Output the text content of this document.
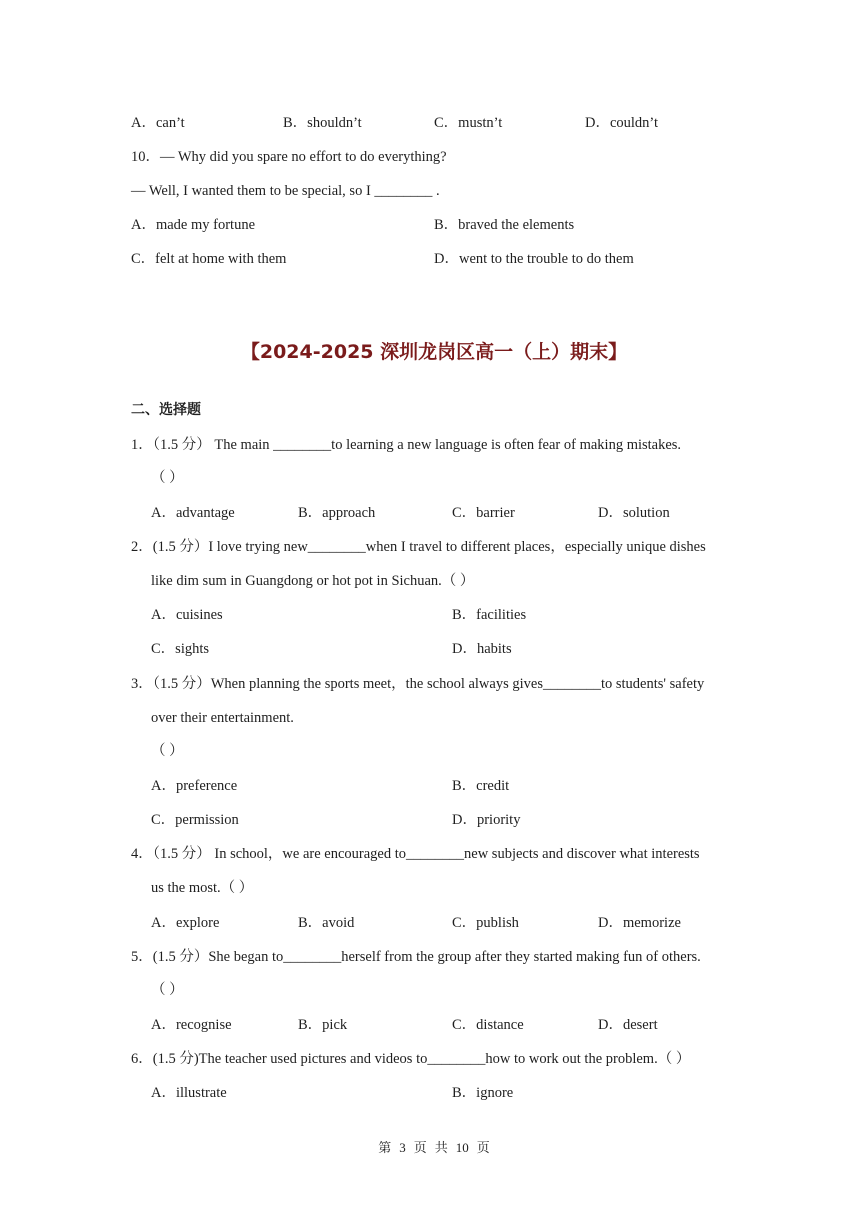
A．can’t	B．shouldn’t	C．mustn’t	D．couldn’t
10．— Why did you spare no effort to do everything?
— Well, I wanted them to be special, so I ________ .
A．made my fortune	B．braved the elements
C．felt at home with them	D．went to the trouble to do them
【2024-2025 深圳龙岗区高一（上）期末】
二、选择题
1．（1.5 分） The main ________to learning a new language is often fear of making mistakes.
（ ）
A．advantage	B．approach	C．barrier	D．solution
2．(1.5 分）I love trying new________when I travel to different places，especially unique dishes
like dim sum in Guangdong or hot pot in Sichuan.（ ）
A．cuisines	B．facilities
C．sights	D．habits
3．（1.5 分）When planning the sports meet，the school always gives________to students' safety
over their entertainment.
（ ）
A．preference	B．credit
C．permission	D．priority
4．（1.5 分） In school，we are encouraged to________new subjects and discover what interests
us the most.（ ）
A．explore	B．avoid	C．publish	D．memorize
5．(1.5 分）She began to________herself from the group after they started making fun of others.
（ ）
A．recognise	B．pick	C．distance	D．desert
6．(1.5 分)The teacher used pictures and videos to________how to work out the problem.（ ）
A．illustrate	B．ignore
第 3 页 共 10 页
